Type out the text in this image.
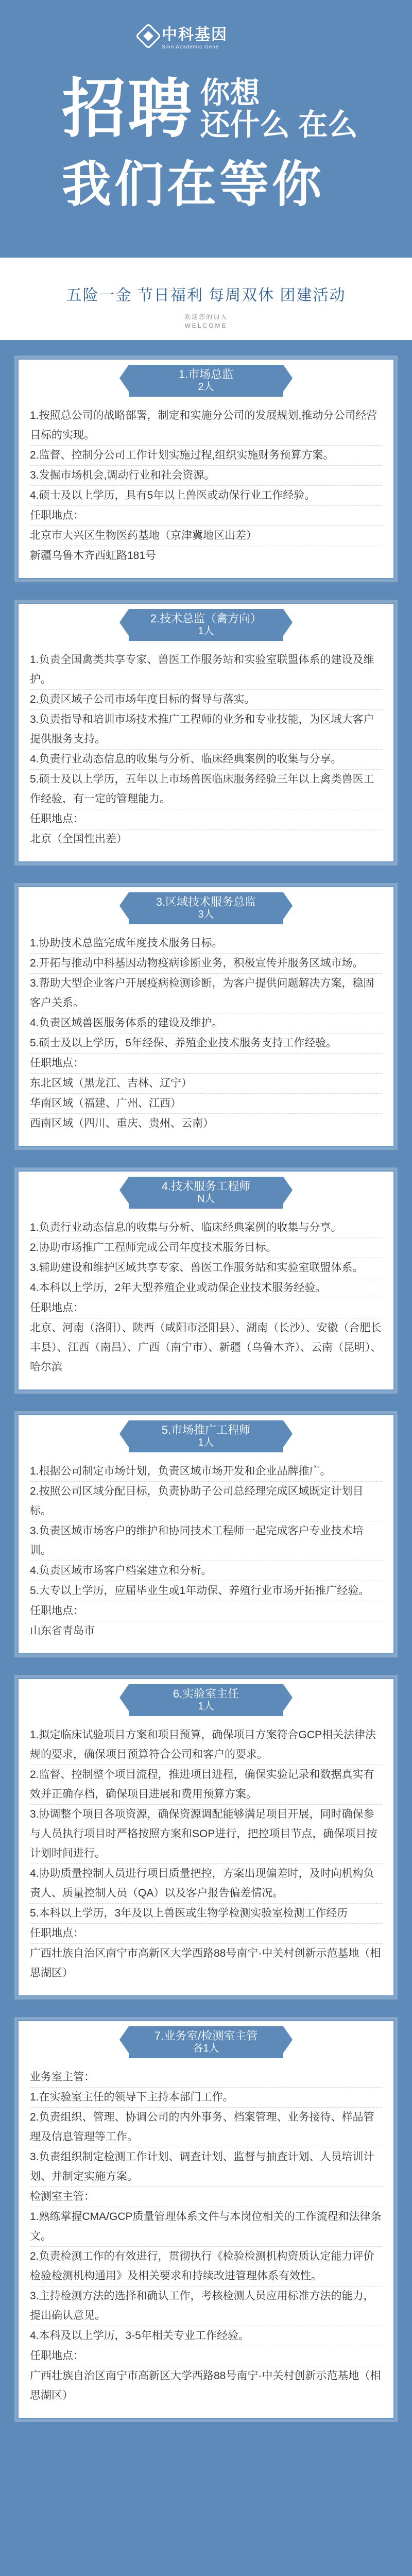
中科基因
Sino Academic Gene
招聘 你想
还什么 在么
我们在等你
五险一金 节日福利 每周双休 团建活动
欢迎您的加入
WELCOME
1.市场总监
2人
1.按照总公司的战略部署，制定和实施分公司的发展规划,推动分公司经营目标的实现。
2.监督、控制分公司工作计划实施过程,组织实施财务预算方案。
3.发掘市场机会,调动行业和社会资源。
4.硕士及以上学历，具有5年以上兽医或动保行业工作经验。
任职地点：
北京市大兴区生物医药基地（京津冀地区出差）
新疆乌鲁木齐西虹路181号
2.技术总监（禽方向）
1人
1.负责全国禽类共享专家、兽医工作服务站和实验室联盟体系的建设及维护。
2.负责区域子公司市场年度目标的督导与落实。
3.负责指导和培训市场技术推广工程师的业务和专业技能，为区域大客户提供服务支持。
4.负责行业动态信息的收集与分析、临床经典案例的收集与分享。
5.硕士及以上学历，五年以上市场兽医临床服务经验三年以上禽类兽医工作经验，有一定的管理能力。
任职地点：
北京（全国性出差）
3.区域技术服务总监
3人
1.协助技术总监完成年度技术服务目标。
2.开拓与推动中科基因动物疫病诊断业务，积极宣传并服务区域市场。
3.帮助大型企业客户开展疫病检测诊断，为客户提供问题解决方案，稳固客户关系。
4.负责区域兽医服务体系的建设及维护。
5.硕士及以上学历，5年经保、养殖企业技术服务支持工作经验。
任职地点：
东北区域（黑龙江、吉林、辽宁）
华南区域（福建、广州、江西）
西南区域（四川、重庆、贵州、云南）
4.技术服务工程师
N人
1.负责行业动态信息的收集与分析、临床经典案例的收集与分享。
2.协助市场推广工程师完成公司年度技术服务目标。
3.辅助建设和维护区域共享专家、兽医工作服务站和实验室联盟体系。
4.本科以上学历，2年大型养殖企业或动保企业技术服务经验。
任职地点：
北京、河南（洛阳）、陕西（咸阳市泾阳县）、湖南（长沙）、安徽（合肥长丰县）、江西（南昌）、广西（南宁市）、新疆（乌鲁木齐）、云南（昆明）、哈尔滨
5.市场推广工程师
1人
1.根据公司制定市场计划，负责区域市场开发和企业品牌推广。
2.按照公司区域分配目标，负责协助子公司总经理完成区域既定计划目标。
3.负责区域市场客户的维护和协同技术工程师一起完成客户专业技术培训。
4.负责区域市场客户档案建立和分析。
5.大专以上学历，应届毕业生或1年动保、养殖行业市场开拓推广经验。
任职地点：
山东省青岛市
6.实验室主任
1人
1.拟定临床试验项目方案和项目预算，确保项目方案符合GCP相关法律法规的要求，确保项目预算符合公司和客户的要求。
2.监督、控制整个项目流程，推进项目进程，确保实验记录和数据真实有效并正确存档，确保项目进展和费用预算方案。
3.协调整个项目各项资源，确保资源调配能够满足项目开展，同时确保参与人员执行项目时严格按照方案和SOP进行，把控项目节点，确保项目按计划时间进行。
4.协助质量控制人员进行项目质量把控，方案出现偏差时，及时向机构负责人、质量控制人员（QA）以及客户报告偏差情况。
5.本科以上学历，3年及以上兽医或生物学检测实验室检测工作经历
任职地点：
广西壮族自治区南宁市高新区大学西路88号南宁·中关村创新示范基地（相思湖区）
7.业务室/检测室主管
各1人
业务室主管：
1.在实验室主任的领导下主持本部门工作。
2.负责组织、管理、协调公司的内外事务、档案管理、业务接待、样品管理及信息管理等工作。
3.负责组织制定检测工作计划、调查计划、监督与抽查计划、人员培训计划、并制定实施方案。
检测室主管：
1.熟练掌握CMA/GCP质量管理体系文件与本岗位相关的工作流程和法律条文。
2.负责检测工作的有效进行，贯彻执行《检验检测机构资质认定能力评价 检验检测机构通用》及相关要求和持续改进管理体系有效性。
3.主持检测方法的选择和确认工作，考核检测人员应用标准方法的能力，提出确认意见。
4.本科及以上学历，3-5年相关专业工作经验。
任职地点：
广西壮族自治区南宁市高新区大学西路88号南宁·中关村创新示范基地（相思湖区）
